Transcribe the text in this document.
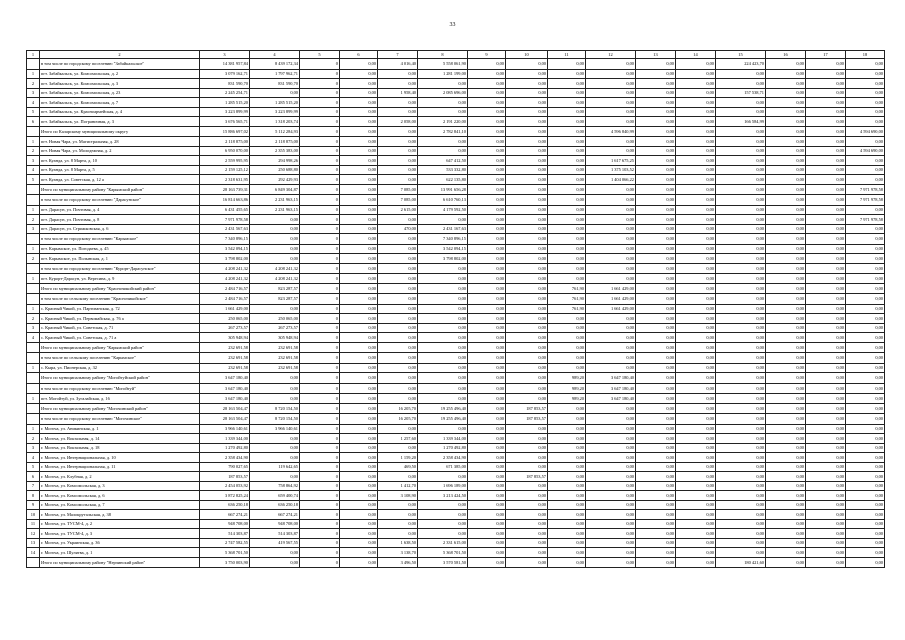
33
1	2	3	4	5	6	7	8	9	10	11	12	13	14	15	16	17	18
	в том числе по городскому поселению "Забайкальское"	14 381 957,84	8 439 172,34	0	0,00	4 016,40	5 558 061,90	0,00	0,00	0,00	0,00	0,00	0,00	224 423,70	0,00	0,00	0,00
1	пгт. Забайкальск, ул. Комсомольская, д. 2	3 079 162,71	1 797 962,71	0	0,00	0,00	1 281 199,00	0,00	0,00	0,00	0,00	0,00	0,00	0,00	0,00	0,00	0,00
2	пгт. Забайкальск, ул. Комсомольская, д. 3	831 590,70	831 590,70	0	0,00	0,00	0,00	0,00	0,00	0,00	0,00	0,00	0,00	0,00	0,00	0,00	0,00
3	пгт. Забайкальск, ул. Комсомольская, д. 23	2 245 254,71	0,00	0	0,00	1 958,40	2 085 696,00	0,00	0,00	0,00	0,00	0,00	0,00	157 538,71	0,00	0,00	0,00
4	пгт. Забайкальск, ул. Комсомольская, д. 7	1 285 515,20	1 285 515,20	0	0,00	0,00	0,00	0,00	0,00	0,00	0,00	0,00	0,00	0,00	0,00	0,00	0,00
5	пгт. Забайкальск, ул. Красноармейская, д. 4	3 223 899,99	3 223 899,99	0	0,00	0,00	0,00	0,00	0,00	0,00	0,00	0,00	0,00	0,00	0,00	0,00	0,00
6	пгт. Забайкальск, ул. Пограничная, д. 3	3 676 565,71	1 318 203,74	0	0,00	2 058,00	2 191 220,00	0,00	0,00	0,00	0,00	0,00	0,00	166 584,99	0,00	0,00	0,00
	Итого по Каларскому муниципальному округу	15 886 697,02	5 112 284,93	0	0,00	0,00	2 782 841,10	0,00	0,00	0,00	4 596 840,99	0,00	0,00	0,00	0,00	0,00	4 594 690,00
1	пгт. Новая Чара, ул. Магистральная, д. 28	2 118 875,00	2 118 875,00	0	0,00	0,00	0,00	0,00	0,00	0,00	0,00	0,00	0,00	0,00	0,00	0,00	0,00
2	пгт. Новая Чара, ул. Молодежная, д. 2	6 950 070,00	2 355 383,00	0	0,00	0,00	0,00	0,00	0,00	0,00	0,00	0,00	0,00	0,00	0,00	0,00	4 594 690,00
3	пгт. Куанда, ул. 8 Марта, д. 10	2 559 995,95	294 998,26	0	0,00	0,00	647 412,50	0,00	0,00	0,00	1 617 675,25	0,00	0,00	0,00	0,00	0,00	0,00
4	пгт. Куанда, ул. 8 Марта, д. 5	2 159 125,12	250 688,80	0	0,00	0,00	533 332,80	0,00	0,00	0,00	1 375 103,52	0,00	0,00	0,00	0,00	0,00	0,00
5	пгт. Куанда, ул. Советская, д. 12 а	2 318 631,95	292 429,93	0	0,00	0,00	622 135,80	0,00	0,00	0,00	1 404 066,22	0,00	0,00	0,00	0,00	0,00	0,00
	Итого по муниципальному району "Карымский район"	28 163 739,31	6 849 304,87	0	0,00	7 085,00	13 991 656,28	0,00	0,00	0,00	0,00	0,00	0,00	0,00	0,00	0,00	7 971 978,58
	в том числе по городскому поселению "Дарасунское"	16 814 663,86	2 231 963,15	0	0,00	7 085,00	6 610 760,13	0,00	0,00	0,00	0,00	0,00	0,00	0,00	0,00	0,00	7 971 978,58
1	пгт. Дарасун, ул. Почтовая, д. 4	6 431 455,65	2 231 963,15	0	0,00	2 615,00	4 179 592,50	0,00	0,00	0,00	0,00	0,00	0,00	0,00	0,00	0,00	0,00
2	пгт. Дарасун, ул. Почтовая, д. 8	7 971 978,58	0,00	0	0,00	0,00	0,00	0,00	0,00	0,00	0,00	0,00	0,00	0,00	0,00	0,00	7 971 978,58
3	пгт. Дарасун, ул. Стрижковская, д. 6	2 431 567,63	0,00	0	0,00	470,00	2 431 167,63	0,00	0,00	0,00	0,00	0,00	0,00	0,00	0,00	0,00	0,00
	в том числе по городскому поселению "Карымское"	7 340 896,15	0,00	0	0,00	0,00	7 340 896,15	0,00	0,00	0,00	0,00	0,00	0,00	0,00	0,00	0,00	0,00
1	пгт. Карымское, ул. Погодаева, д. 45	3 542 094,15	0,00	0	0,00	0,00	3 542 094,15	0,00	0,00	0,00	0,00	0,00	0,00	0,00	0,00	0,00	0,00
2	пгт. Карымское, ул. Полынская, д. 1	3 798 802,00	0,00	0	0,00	0,00	3 798 802,00	0,00	0,00	0,00	0,00	0,00	0,00	0,00	0,00	0,00	0,00
	в том числе по городскому поселению "Курорт-Дарасунское"	4 208 241,32	4 208 241,32	0	0,00	0,00	0,00	0,00	0,00	0,00	0,00	0,00	0,00	0,00	0,00	0,00	0,00
1	пгт. Курорт-Дарасун, ул. Вересина, д. 9	4 208 241,32	4 208 241,32	0	0,00	0,00	0,00	0,00	0,00	0,00	0,00	0,00	0,00	0,00	0,00	0,00	0,00
	Итого по муниципальному району "Красночикойский район"	2 484 716,57	823 287,57	0	0,00	0,00	0,00	0,00	0,00	761,90	1 661 429,00	0,00	0,00	0,00	0,00	0,00	0,00
	в том числе по сельскому поселению "Красночикойское"	2 484 716,57	823 287,57	0	0,00	0,00	0,00	0,00	0,00	761,90	1 661 429,00	0,00	0,00	0,00	0,00	0,00	0,00
1	с. Красный Чикой, ул. Партизанская, д. 72	1 661 429,00	0,00	0	0,00	0,00	0,00	0,00	0,00	761,90	1 661 429,00	0,00	0,00	0,00	0,00	0,00	0,00
2	с. Красный Чикой, ул. Первомайская, д. 76 а	250 065,00	250 065,00	0	0,00	0,00	0,00	0,00	0,00	0,00	0,00	0,00	0,00	0,00	0,00	0,00	0,00
3	с. Красный Чикой, ул. Советская, д. 71	267 273,57	267 273,57	0	0,00	0,00	0,00	0,00	0,00	0,00	0,00	0,00	0,00	0,00	0,00	0,00	0,00
4	с. Красный Чикой, ул. Советская, д. 71 а	305 948,94	305 948,94	0	0,00	0,00	0,00	0,00	0,00	0,00	0,00	0,00	0,00	0,00	0,00	0,00	0,00
	Итого по муниципальному району "Карымский район"	232 691,58	232 691,58	0	0,00	0,00	0,00	0,00	0,00	0,00	0,00	0,00	0,00	0,00	0,00	0,00	0,00
	в том числе по сельскому поселению "Карымское"	232 691,58	232 691,58	0	0,00	0,00	0,00	0,00	0,00	0,00	0,00	0,00	0,00	0,00	0,00	0,00	0,00
1	с. Кыра, ул. Пионерская, д. 32	232 691,58	232 691,58	0	0,00	0,00	0,00	0,00	0,00	0,00	0,00	0,00	0,00	0,00	0,00	0,00	0,00
	Итого по муниципальному району "Могойтуйский район"	3 647 180,40	0,00	0	0,00	0,00	0,00	0,00	0,00	989,20	3 647 180,40	0,00	0,00	0,00	0,00	0,00	0,00
	в том числе по городскому поселению "Могойтуй"	3 647 180,40	0,00	0	0,00	0,00	0,00	0,00	0,00	989,20	3 647 180,40	0,00	0,00	0,00	0,00	0,00	0,00
1	пгт. Могойтуй, ул. Зугалайская, д. 16	3 647 180,40	0,00	0	0,00	0,00	0,00	0,00	0,00	989,20	3 647 180,40	0,00	0,00	0,00	0,00	0,00	0,00
	Итого по муниципальному району "Могочинский район"	28 163 504,47	8 720 154,50	0	0,00	16 205,70	19 255 496,40	0,00	187 853,57	0,00	0,00	0,00	0,00	0,00	0,00	0,00	0,00
	в том числе по городскому поселению "Могочинское"	28 163 504,47	8 720 154,50	0	0,00	16 205,70	19 255 496,40	0,00	187 853,57	0,00	0,00	0,00	0,00	0,00	0,00	0,00	0,00
1	г. Могоча, ул. Аникинская, д. 1	3 966 140,61	3 966 140,61	0	0,00	0,00	0,00	0,00	0,00	0,00	0,00	0,00	0,00	0,00	0,00	0,00	0,00
2	г. Могоча, ул. Вокзальная, д. 14	1 339 344,00	0,00	0	0,00	1 257,60	1 339 344,00	0,00	0,00	0,00	0,00	0,00	0,00	0,00	0,00	0,00	0,00
3	г. Могоча, ул. Вокзальная, д. 18	1 270 492,80	0,00	0	0,00	0,00	1 270 492,80	0,00	0,00	0,00	0,00	0,00	0,00	0,00	0,00	0,00	0,00
4	г. Могоча, ул. Интернациональная, д. 10	2 358 434,90	0,00	0	0,00	1 159,20	2 358 434,90	0,00	0,00	0,00	0,00	0,00	0,00	0,00	0,00	0,00	0,00
5	г. Могоча, ул. Интернациональная, д. 11	790 027,65	119 642,65	0	0,00	469,50	671 385,00	0,00	0,00	0,00	0,00	0,00	0,00	0,00	0,00	0,00	0,00
6	г. Могоча, ул. Клубная, д. 2	187 853,57	0,00	0	0,00	0,00	0,00	0,00	187 853,57	0,00	0,00	0,00	0,00	0,00	0,00	0,00	0,00
7	г. Могоча, ул. Комсомольская, д. 3	2 454 053,92	758 864,92	0	0,00	1 412,70	1 696 189,00	0,00	0,00	0,00	0,00	0,00	0,00	0,00	0,00	0,00	0,00
8	г. Могоча, ул. Комсомольская, д. 6	3 872 825,24	659 400,74	0	0,00	3 108,90	3 213 424,50	0,00	0,00	0,00	0,00	0,00	0,00	0,00	0,00	0,00	0,00
9	г. Могоча, ул. Комсомольская, д. 7	636 250,18	636 250,18	0	0,00	0,00	0,00	0,00	0,00	0,00	0,00	0,00	0,00	0,00	0,00	0,00	0,00
10	г. Могоча, ул. Малокрутальская, д. 38	667 274,21	667 274,21	0	0,00	0,00	0,00	0,00	0,00	0,00	0,00	0,00	0,00	0,00	0,00	0,00	0,00
11	г. Могоча, ул. ТУСМ-4, д. 2	948 708,00	948 708,00	0	0,00	0,00	0,00	0,00	0,00	0,00	0,00	0,00	0,00	0,00	0,00	0,00	0,00
12	г. Могоча, ул. ТУСМ-4, д. 3	514 303,87	514 303,87	0	0,00	0,00	0,00	0,00	0,00	0,00	0,00	0,00	0,00	0,00	0,00	0,00	0,00
13	г. Могоча, ул. Украинская, д. 36	2 747 582,55	419 567,55	0	0,00	1 638,50	2 331 615,00	0,00	0,00	0,00	0,00	0,00	0,00	0,00	0,00	0,00	0,00
14	г. Могоча, ул. Шулятва, д. 1	5 368 701,50	0,00	0	0,00	3 138,70	5 368 701,50	0,00	0,00	0,00	0,00	0,00	0,00	0,00	0,00	0,00	0,00
	Итого по муниципальному району "Нерчинский район"	3 750 003,90	0,00	0	0,00	3 496,50	3 570 581,50	0,00	0,00	0,00	0,00	0,00	0,00	180 421,60	0,00	0,00	0,00
